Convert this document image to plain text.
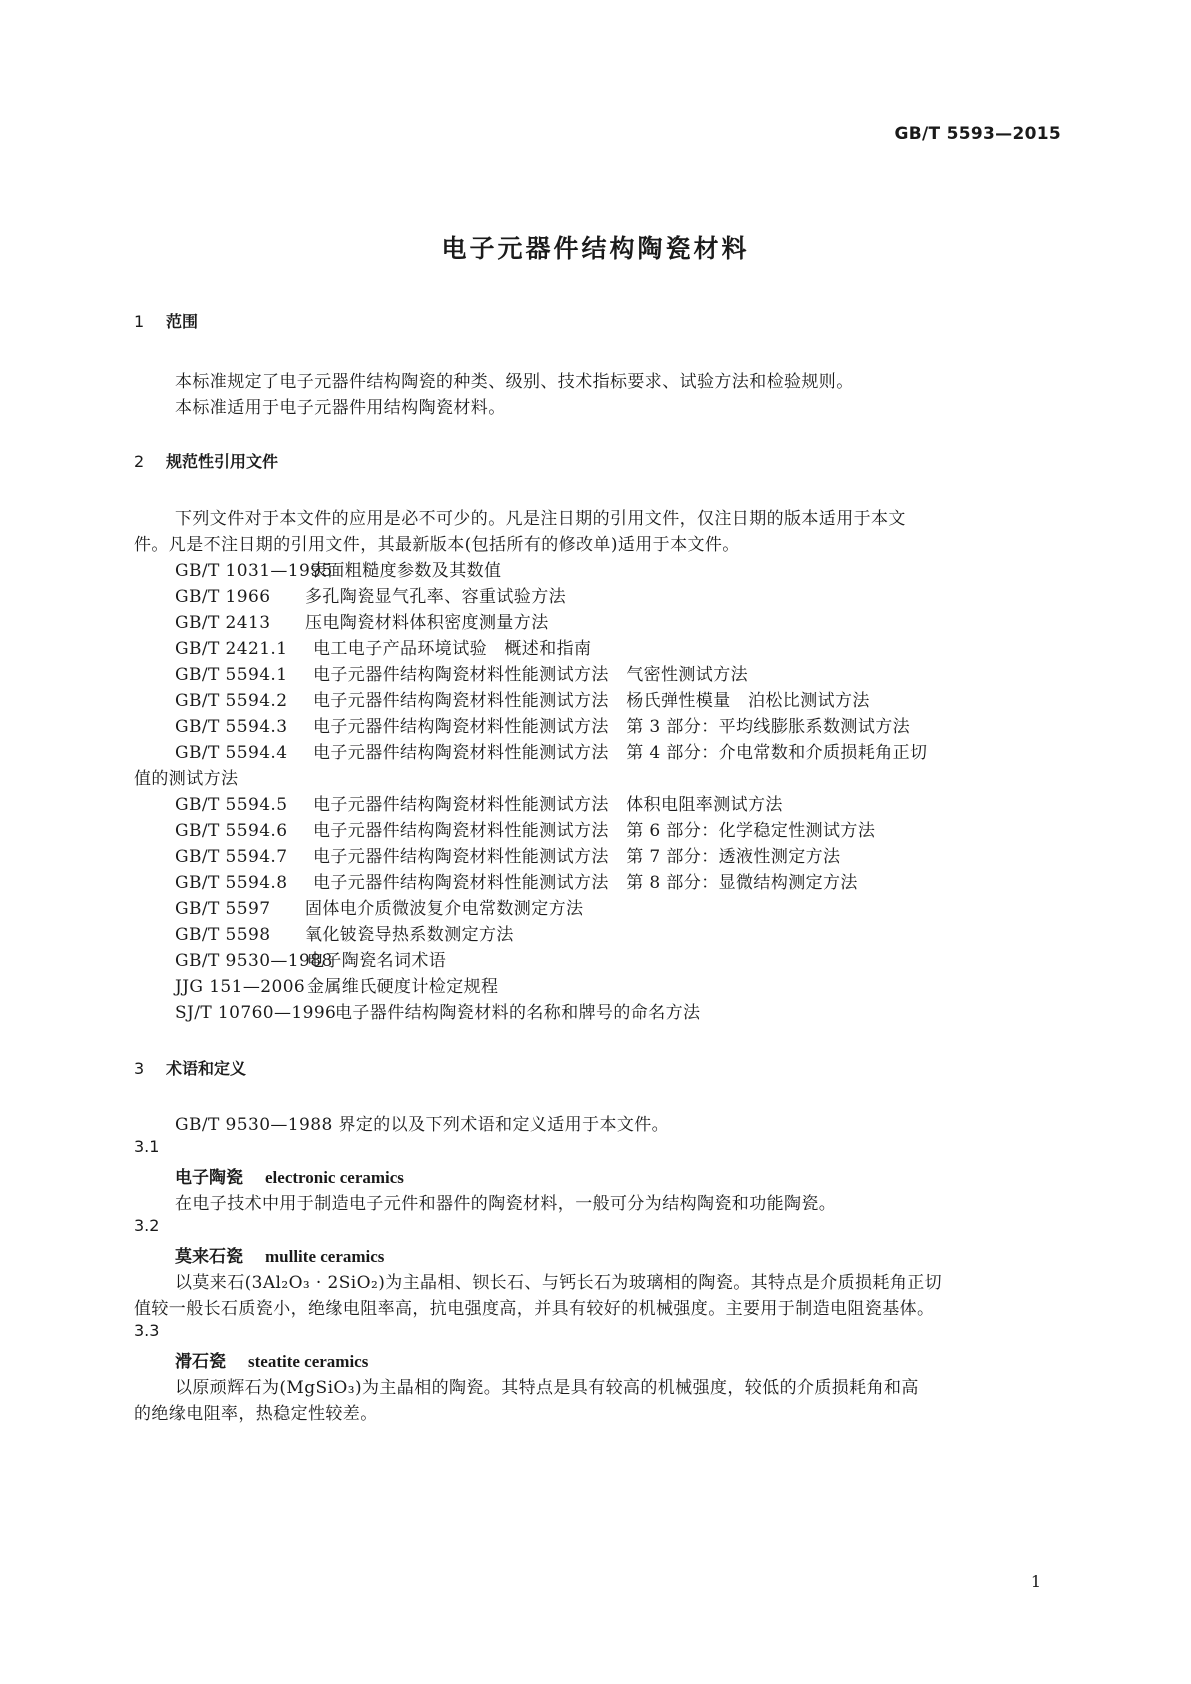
GB/T 5593—2015
电子元器件结构陶瓷材料
1 范围
本标准规定了电子元器件结构陶瓷的种类、级别、技术指标要求、试验方法和检验规则。
本标准适用于电子元器件用结构陶瓷材料。
2 规范性引用文件
下列文件对于本文件的应用是必不可少的。凡是注日期的引用文件，仅注日期的版本适用于本文
件。凡是不注日期的引用文件，其最新版本(包括所有的修改单)适用于本文件。
GB/T 1031—1995表面粗糙度参数及其数值
GB/T 1966 多孔陶瓷显气孔率、容重试验方法
GB/T 2413 压电陶瓷材料体积密度测量方法
GB/T 2421.1 电工电子产品环境试验　概述和指南
GB/T 5594.1 电子元器件结构陶瓷材料性能测试方法　气密性测试方法
GB/T 5594.2 电子元器件结构陶瓷材料性能测试方法　杨氏弹性模量　泊松比测试方法
GB/T 5594.3 电子元器件结构陶瓷材料性能测试方法　第 3 部分：平均线膨胀系数测试方法
GB/T 5594.4 电子元器件结构陶瓷材料性能测试方法　第 4 部分：介电常数和介质损耗角正切
值的测试方法
GB/T 5594.5 电子元器件结构陶瓷材料性能测试方法　体积电阻率测试方法
GB/T 5594.6 电子元器件结构陶瓷材料性能测试方法　第 6 部分：化学稳定性测试方法
GB/T 5594.7 电子元器件结构陶瓷材料性能测试方法　第 7 部分：透液性测定方法
GB/T 5594.8 电子元器件结构陶瓷材料性能测试方法　第 8 部分：显微结构测定方法
GB/T 5597 固体电介质微波复介电常数测定方法
GB/T 5598 氧化铍瓷导热系数测定方法
GB/T 9530—1988电子陶瓷名词术语
JJG 151—2006 金属维氏硬度计检定规程
SJ/T 10760—1996电子器件结构陶瓷材料的名称和牌号的命名方法
3 术语和定义
GB/T 9530—1988 界定的以及下列术语和定义适用于本文件。
3.1
电子陶瓷 electronic ceramics
在电子技术中用于制造电子元件和器件的陶瓷材料，一般可分为结构陶瓷和功能陶瓷。
3.2
莫来石瓷 mullite ceramics
以莫来石(3Al₂O₃ · 2SiO₂)为主晶相、钡长石、与钙长石为玻璃相的陶瓷。其特点是介质损耗角正切
值较一般长石质瓷小，绝缘电阻率高，抗电强度高，并具有较好的机械强度。主要用于制造电阻瓷基体。
3.3
滑石瓷 steatite ceramics
以原顽辉石为(MgSiO₃)为主晶相的陶瓷。其特点是具有较高的机械强度，较低的介质损耗角和高
的绝缘电阻率，热稳定性较差。
1
